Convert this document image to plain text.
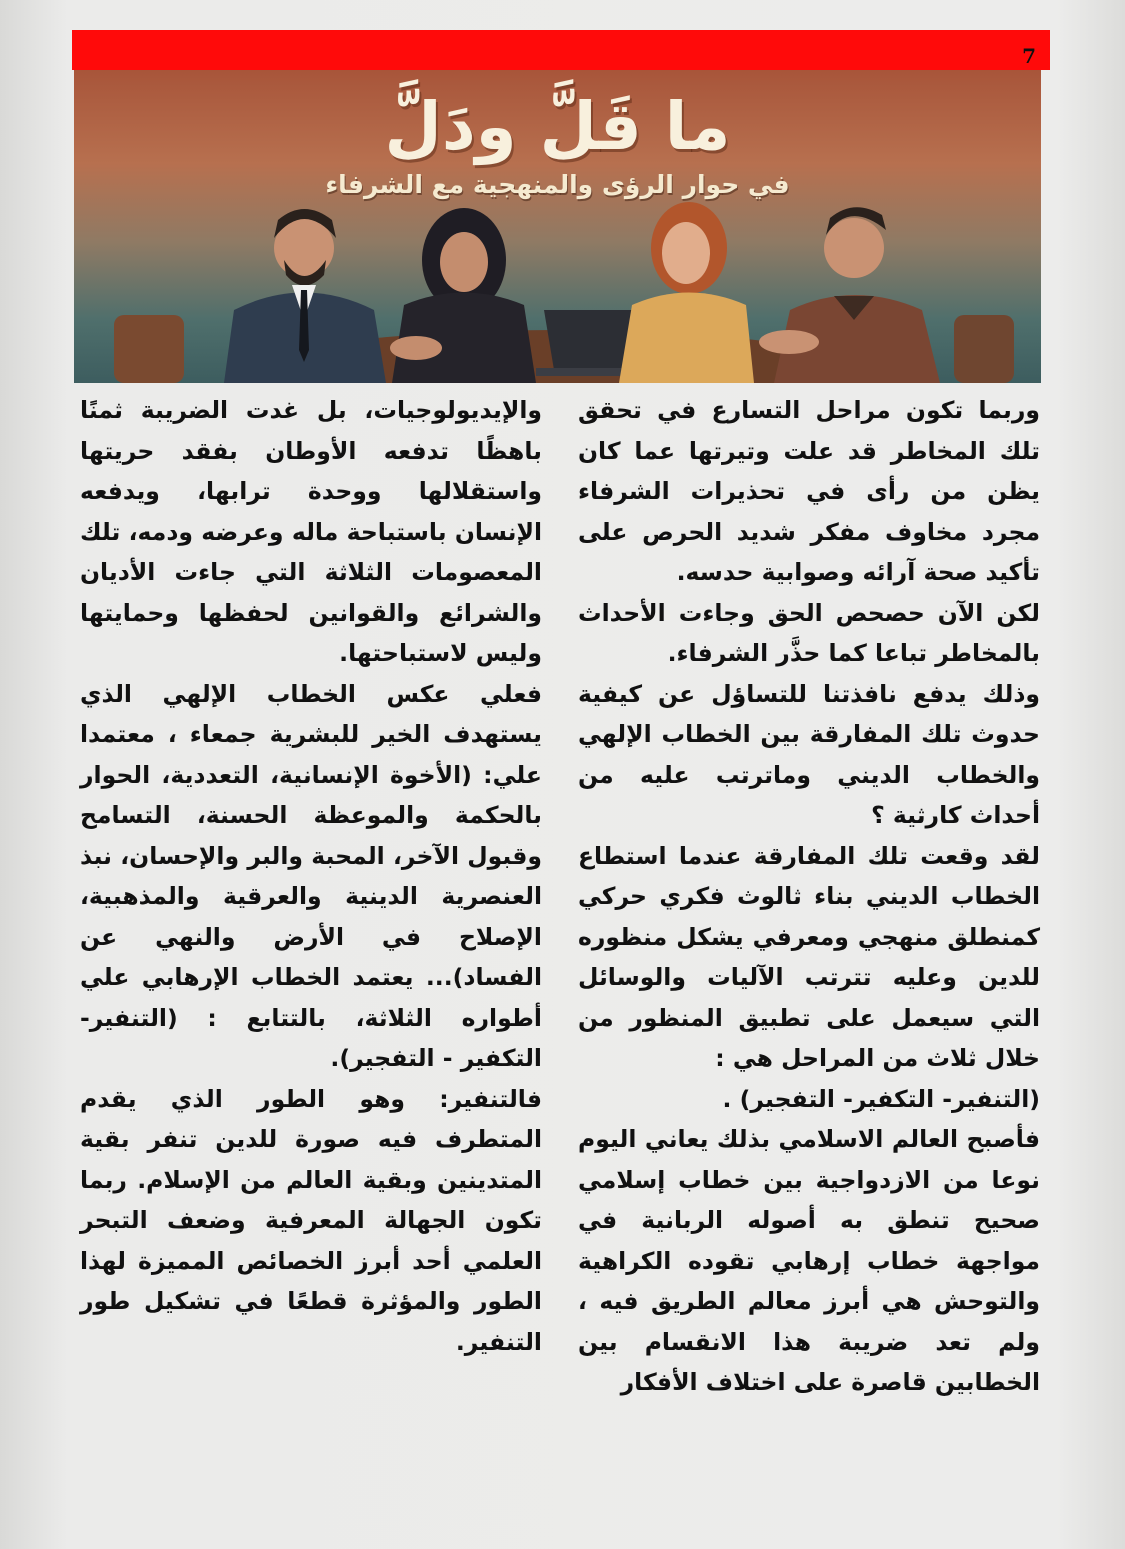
7
ما قَلَّ ودَلَّ
في حوار الرؤى والمنهجية مع الشرفاء

وربما تكون مراحل التسارع في تحقق تلك المخاطر قد علت وتيرتها عما كان يظن من رأى في تحذيرات الشرفاء مجرد مخاوف مفكر شديد الحرص على تأكيد صحة آرائه وصوابية حدسه.

لكن الآن حصحص الحق وجاءت الأحداث بالمخاطر تباعا كما حذَّر الشرفاء.

وذلك يدفع نافذتنا للتساؤل عن كيفية حدوث تلك المفارقة بين الخطاب الإلهي والخطاب الديني وماترتب عليه من أحداث كارثية ؟

لقد وقعت تلك المفارقة عندما استطاع الخطاب الديني بناء ثالوث فكري حركي كمنطلق منهجي ومعرفي يشكل منظوره للدين وعليه تترتب الآليات والوسائل التي سيعمل على تطبيق المنظور من خلال ثلاث من المراحل هي :

(التنفير- التكفير- التفجير) .

فأصبح العالم الاسلامي بذلك يعاني اليوم نوعا من الازدواجية بين خطاب إسلامي صحيح تنطق به أصوله الربانية في مواجهة خطاب إرهابي تقوده الكراهية والتوحش هي أبرز معالم الطريق فيه ، ولم تعد ضريبة هذا الانقسام بين الخطابين قاصرة على اختلاف الأفكار

والإيديولوجيات، بل غدت الضريبة ثمنًا باهظًا تدفعه الأوطان بفقد حريتها واستقلالها ووحدة ترابها، ويدفعه الإنسان باستباحة ماله وعرضه ودمه، تلك المعصومات الثلاثة التي جاءت الأديان والشرائع والقوانين لحفظها وحمايتها وليس لاستباحتها.

فعلي عكس الخطاب الإلهي الذي يستهدف الخير للبشرية جمعاء ، معتمدا علي: (الأخوة الإنسانية، التعددية، الحوار بالحكمة والموعظة الحسنة، التسامح وقبول الآخر، المحبة والبر والإحسان، نبذ العنصرية الدينية والعرقية والمذهبية، الإصلاح في الأرض والنهي عن الفساد)... يعتمد الخطاب الإرهابي علي أطواره الثلاثة، بالتتابع : (التنفير- التكفير - التفجير).

فالتنفير: وهو الطور الذي يقدم المتطرف فيه صورة للدين تنفر بقية المتدينين وبقية العالم من الإسلام. ربما تكون الجهالة المعرفية وضعف التبحر العلمي أحد أبرز الخصائص المميزة لهذا الطور والمؤثرة قطعًا في تشكيل طور التنفير.
